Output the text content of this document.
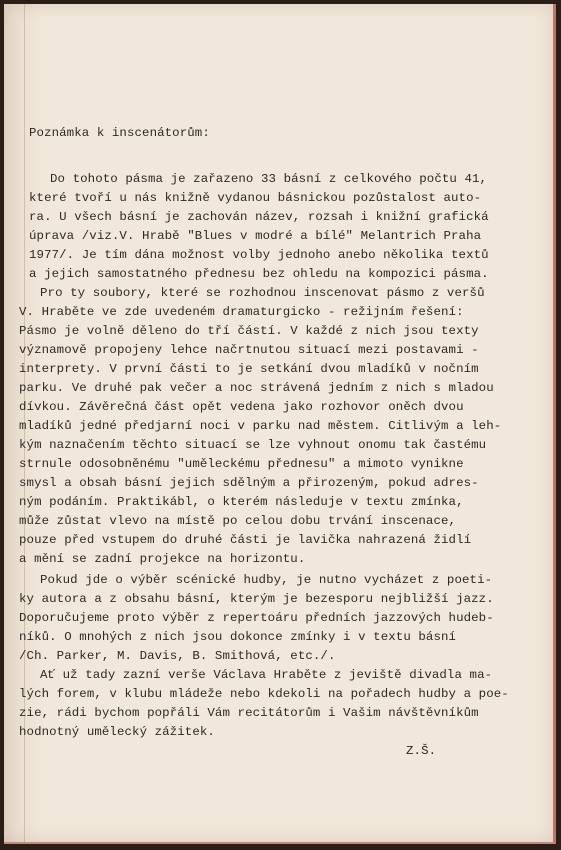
Poznámka k inscenátorům:

Do tohoto pásma je zařazeno 33 básní z celkového počtu 41,

které tvoří u nás knižně vydanou básnickou pozůstalost auto-

ra. U všech básní je zachován název, rozsah i knižní grafická

úprava /viz.V. Hrabě "Blues v modré a bílé" Melantrich Praha

1977/. Je tím dána možnost volby jednoho anebo několika textů

a jejich samostatného přednesu bez ohledu na kompozici pásma.

Pro ty soubory, které se rozhodnou inscenovat pásmo z veršů

V. Hraběte ve zde uvedeném dramaturgicko - režijním řešení:

Pásmo je volně děleno do tří částí. V každé z nich jsou texty

významově propojeny lehce načrtnutou situací mezi postavami -

interprety. V první části to je setkání dvou mladíků v nočním

parku. Ve druhé pak večer a noc strávená jedním z nich s mladou

dívkou. Závěrečná část opět vedena jako rozhovor oněch dvou

mladíků jedné předjarní noci v parku nad městem. Citlivým a leh-

kým naznačením těchto situací se lze vyhnout onomu tak častému

strnule odosobněnému "uměleckému přednesu" a mimoto vynikne

smysl a obsah básní jejich sdělným a přirozeným, pokud adres-

ným podáním. Praktikábl, o kterém následuje v textu zmínka,

může zůstat vlevo na místě po celou dobu trvání inscenace,

pouze před vstupem do druhé části je lavička nahrazená židlí

a mění se zadní projekce na horizontu.

Pokud jde o výběr scénické hudby, je nutno vycházet z poeti-

ky autora a z obsahu básní, kterým je bezesporu nejbližší jazz.

Doporučujeme proto výběr z repertoáru předních jazzových hudeb-

níků. O mnohých z nich jsou dokonce zmínky i v textu básní

/Ch. Parker, M. Davis, B. Smithová, etc./.

Ať už tady zazní verše Václava Hraběte z jeviště divadla ma-

lých forem, v klubu mládeže nebo kdekoli na pořadech hudby a poe-

zie, rádi bychom popřáli Vám recitátorům i Vašim návštěvníkům

hodnotný umělecký zážitek.

Z.Š.
